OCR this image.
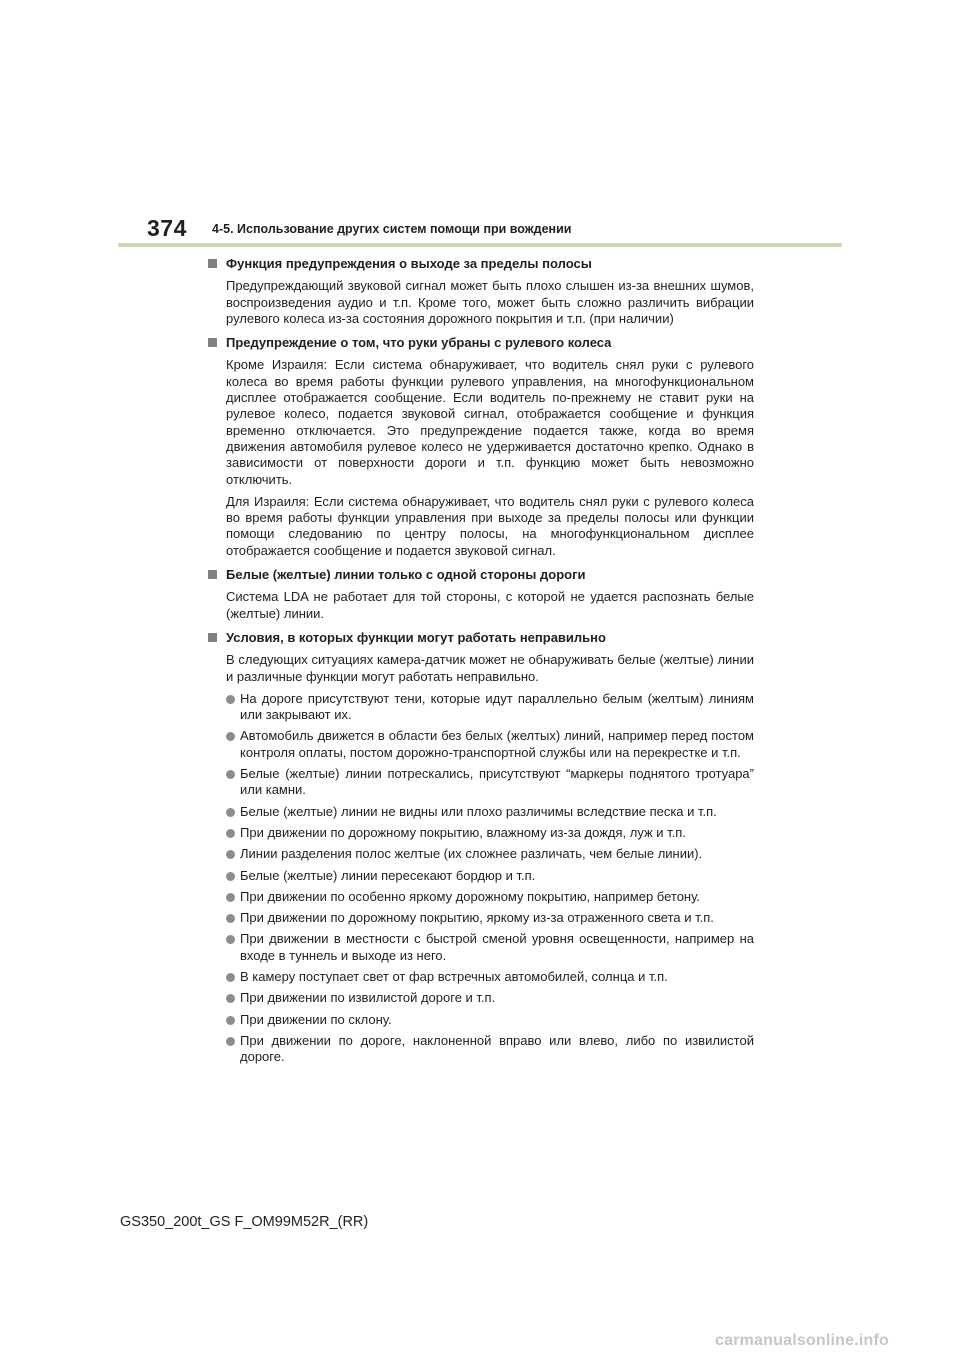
374 4-5. Использование других систем помощи при вождении
Функция предупреждения о выходе за пределы полосы

Предупреждающий звуковой сигнал может быть плохо слышен из-за внешних шумов, воспроизведения аудио и т.п. Кроме того, может быть сложно различить вибрации рулевого колеса из-за состояния дорожного покрытия и т.п. (при наличии)

Предупреждение о том, что руки убраны с рулевого колеса

Кроме Израиля: Если система обнаруживает, что водитель снял руки с рулевого колеса во время работы функции рулевого управления, на многофункциональном дисплее отображается сообщение. Если водитель по-прежнему не ставит руки на рулевое колесо, подается звуковой сигнал, отображается сообщение и функция временно отключается. Это предупреждение подается также, когда во время движения автомобиля рулевое колесо не удерживается достаточно крепко. Однако в зависимости от поверхности дороги и т.п. функцию может быть невозможно отключить.

Для Израиля: Если система обнаруживает, что водитель снял руки с рулевого колеса во время работы функции управления при выходе за пределы полосы или функции помощи следованию по центру полосы, на многофункциональном дисплее отображается сообщение и подается звуковой сигнал.

Белые (желтые) линии только с одной стороны дороги

Система LDA не работает для той стороны, с которой не удается распознать белые (желтые) линии.

Условия, в которых функции могут работать неправильно

В следующих ситуациях камера-датчик может не обнаруживать белые (желтые) линии и различные функции могут работать неправильно.

На дороге присутствуют тени, которые идут параллельно белым (желтым) линиям или закрывают их.
Автомобиль движется в области без белых (желтых) линий, например перед постом контроля оплаты, постом дорожно-транспортной службы или на перекрестке и т.п.
Белые (желтые) линии потрескались, присутствуют “маркеры поднятого тротуара” или камни.
Белые (желтые) линии не видны или плохо различимы вследствие песка и т.п.
При движении по дорожному покрытию, влажному из-за дождя, луж и т.п.
Линии разделения полос желтые (их сложнее различать, чем белые линии).
Белые (желтые) линии пересекают бордюр и т.п.
При движении по особенно яркому дорожному покрытию, например бетону.
При движении по дорожному покрытию, яркому из-за отраженного света и т.п.
При движении в местности с быстрой сменой уровня освещенности, например на входе в туннель и выходе из него.
В камеру поступает свет от фар встречных автомобилей, солнца и т.п.
При движении по извилистой дороге и т.п.
При движении по склону.
При движении по дороге, наклоненной вправо или влево, либо по извилистой дороге.
GS350_200t_GS F_OM99M52R_(RR)
carmanualsonline.info
